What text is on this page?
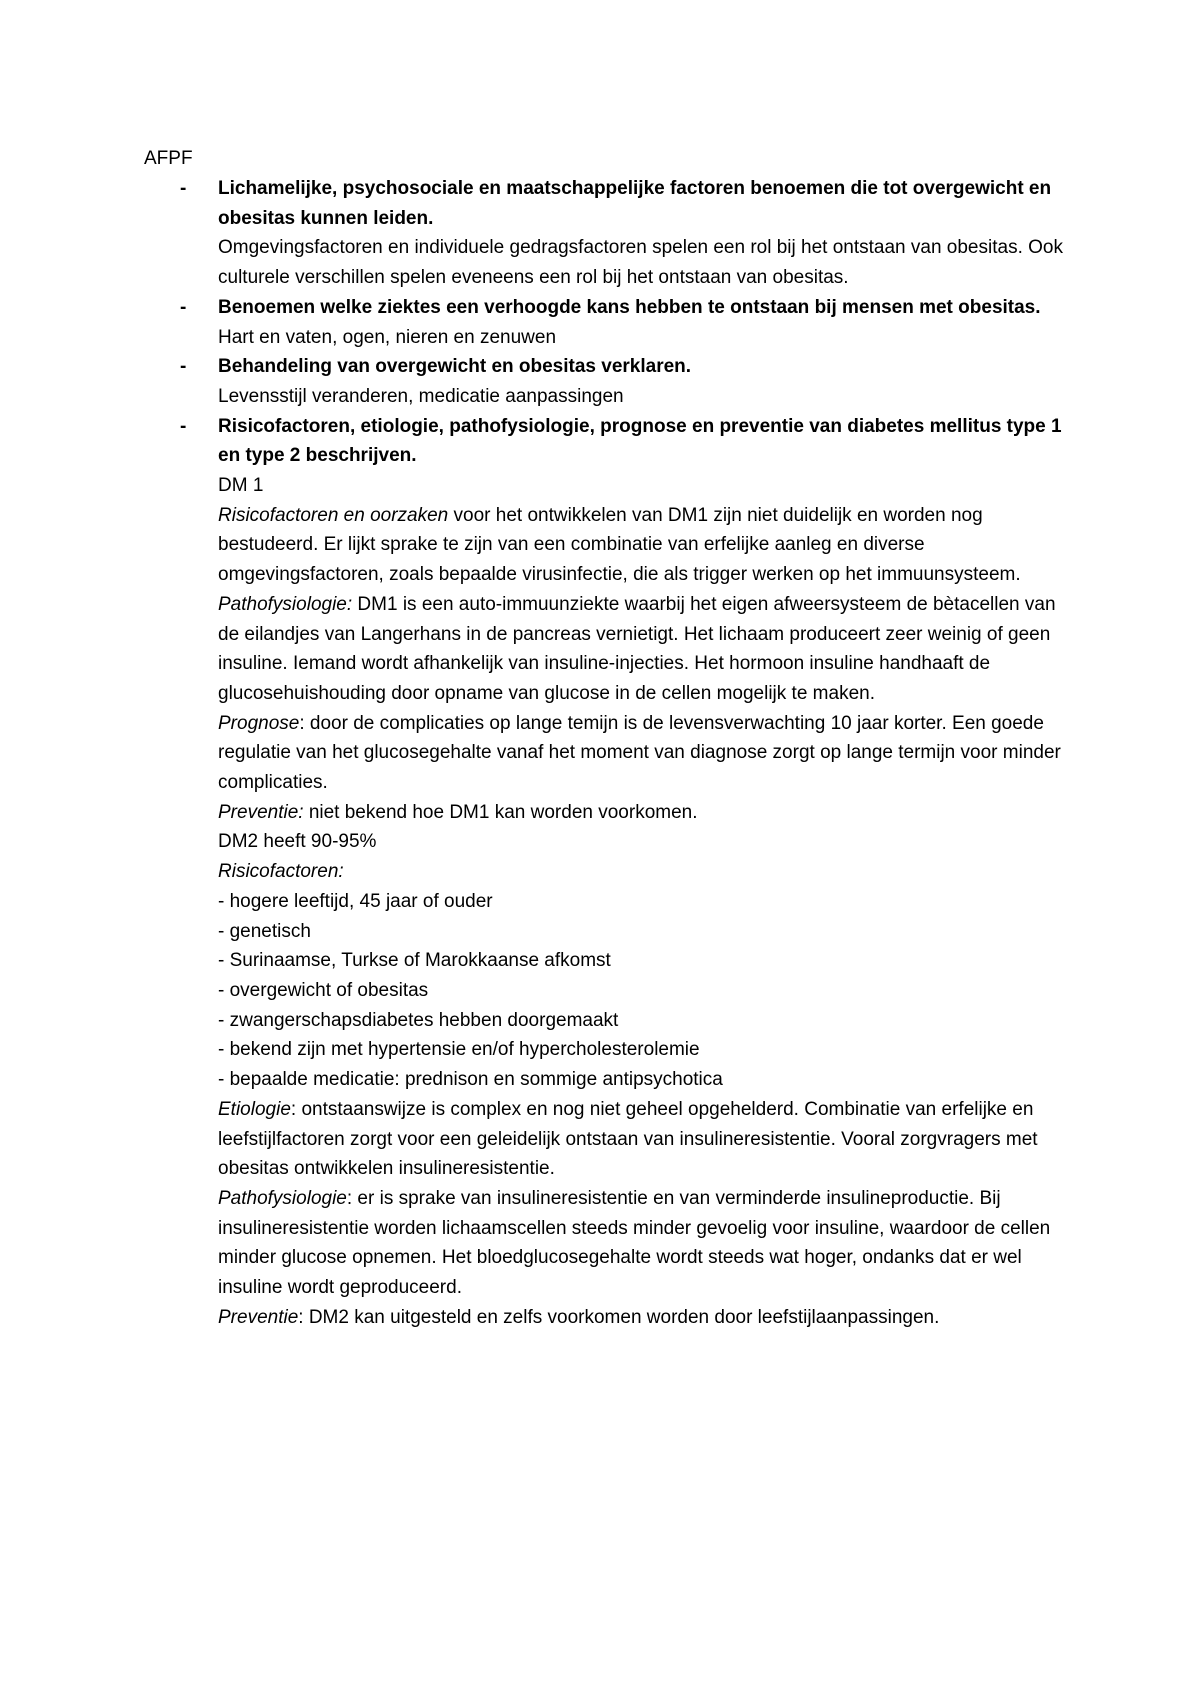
AFPF
- Lichamelijke, psychosociale en maatschappelijke factoren benoemen die tot overgewicht en obesitas kunnen leiden.
Omgevingsfactoren en individuele gedragsfactoren spelen een rol bij het ontstaan van obesitas. Ook culturele verschillen spelen eveneens een rol bij het ontstaan van obesitas.
- Benoemen welke ziektes een verhoogde kans hebben te ontstaan bij mensen met obesitas.
Hart en vaten, ogen, nieren en zenuwen
- Behandeling van overgewicht en obesitas verklaren.
Levensstijl veranderen, medicatie aanpassingen
- Risicofactoren, etiologie, pathofysiologie, prognose en preventie van diabetes mellitus type 1 en type 2 beschrijven.
DM 1
Risicofactoren en oorzaken voor het ontwikkelen van DM1 zijn niet duidelijk en worden nog bestudeerd. Er lijkt sprake te zijn van een combinatie van erfelijke aanleg en diverse omgevingsfactoren, zoals bepaalde virusinfectie, die als trigger werken op het immuunsysteem.
Pathofysiologie: DM1 is een auto-immuunziekte waarbij het eigen afweersysteem de bètacellen van de eilandjes van Langerhans in de pancreas vernietigt. Het lichaam produceert zeer weinig of geen insuline. Iemand wordt afhankelijk van insuline-injecties. Het hormoon insuline handhaaft de glucosehuishouding door opname van glucose in de cellen mogelijk te maken.
Prognose: door de complicaties op lange temijn is de levensverwachting 10 jaar korter. Een goede regulatie van het glucosegehalte vanaf het moment van diagnose zorgt op lange termijn voor minder complicaties.
Preventie: niet bekend hoe DM1 kan worden voorkomen.
DM2 heeft 90-95%
Risicofactoren:
- hogere leeftijd, 45 jaar of ouder
- genetisch
- Surinaamse, Turkse of Marokkaanse afkomst
- overgewicht of obesitas
- zwangerschapsdiabetes hebben doorgemaakt
- bekend zijn met hypertensie en/of hypercholesterolemie
- bepaalde medicatie: prednison en sommige antipsychotica
Etiologie: ontstaanswijze is complex en nog niet geheel opgehelderd. Combinatie van erfelijke en leefstijlfactoren zorgt voor een geleidelijk ontstaan van insulineresistentie. Vooral zorgvragers met obesitas ontwikkelen insulineresistentie.
Pathofysiologie: er is sprake van insulineresistentie en van verminderde insulineproductie. Bij insulineresistentie worden lichaamscellen steeds minder gevoelig voor insuline, waardoor de cellen minder glucose opnemen. Het bloedglucosegehalte wordt steeds wat hoger, ondanks dat er wel insuline wordt geproduceerd.
Preventie: DM2 kan uitgesteld en zelfs voorkomen worden door leefstijlaanpassingen.
